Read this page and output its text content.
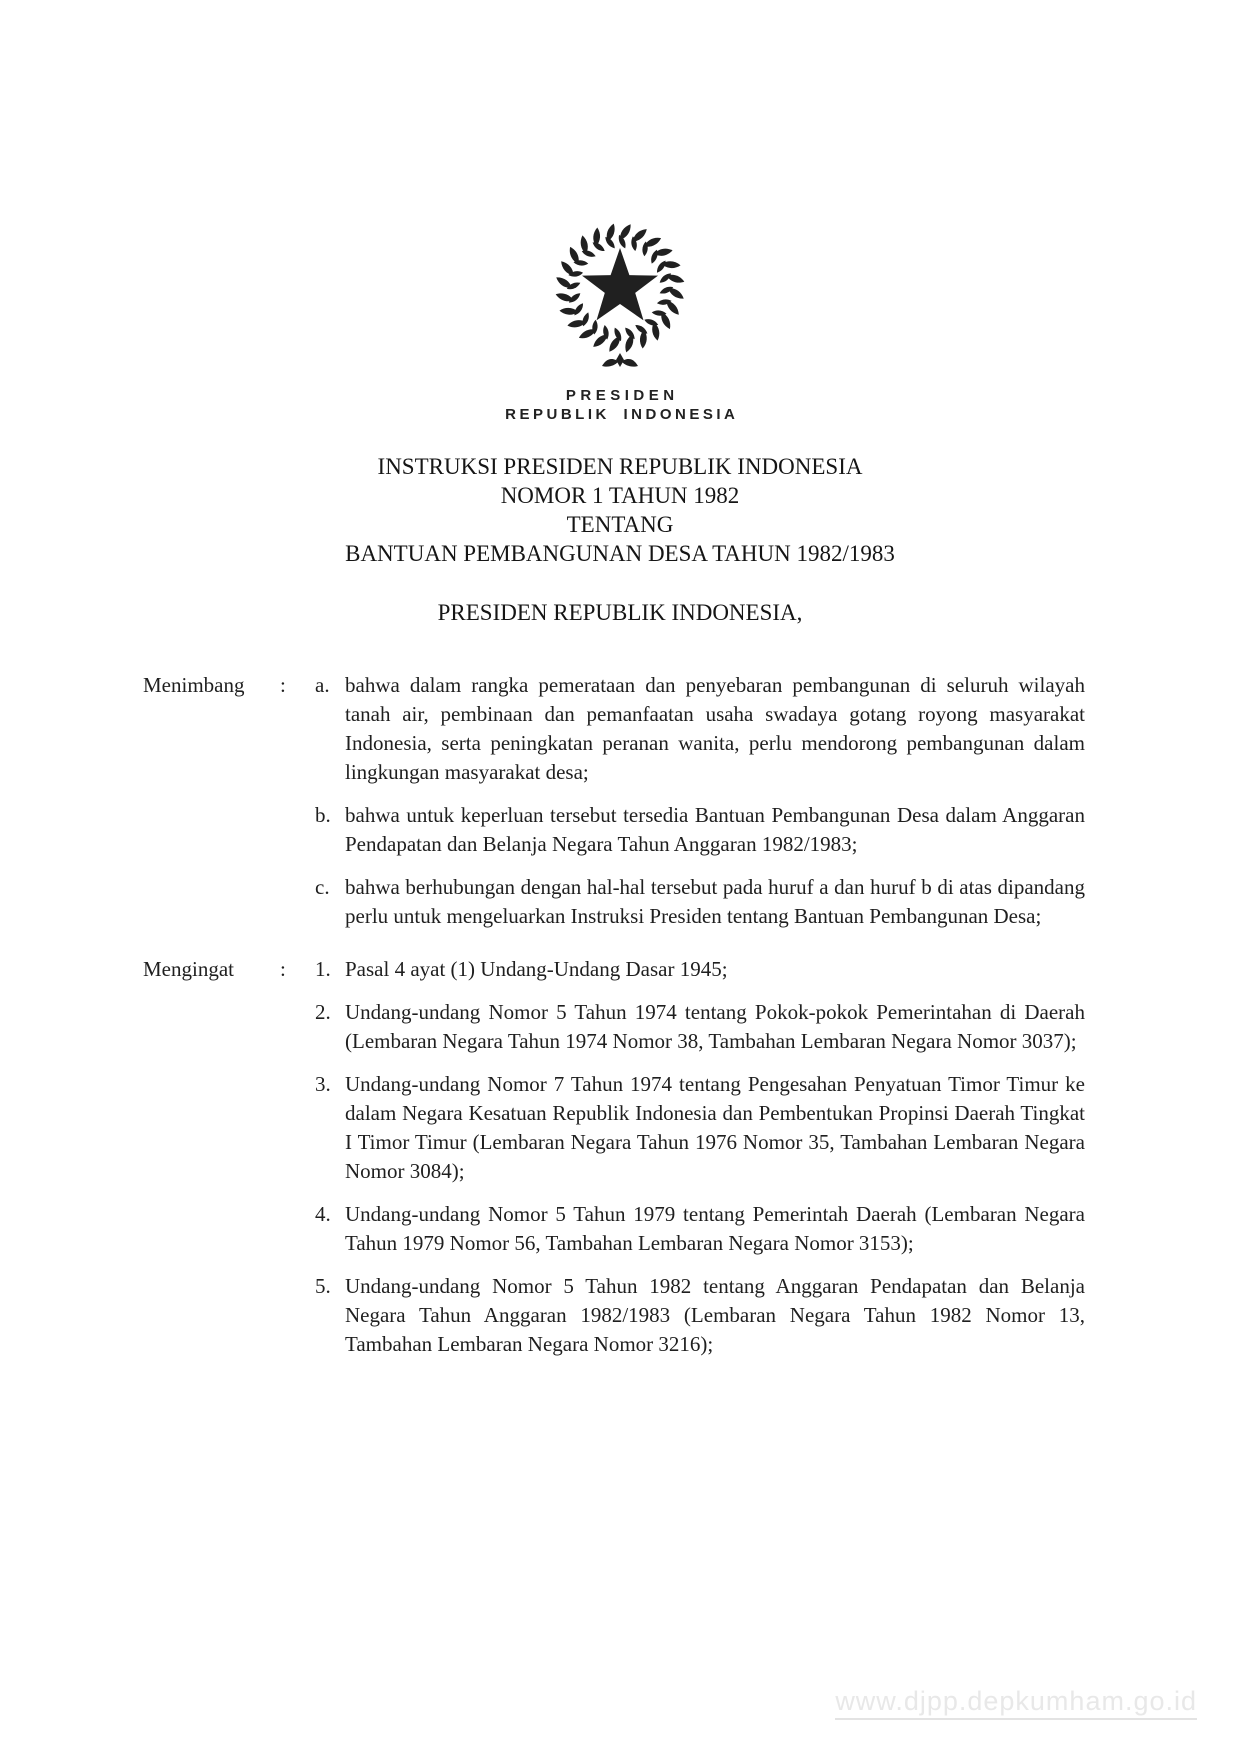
PRESIDEN
REPUBLIK INDONESIA
INSTRUKSI PRESIDEN REPUBLIK INDONESIA
NOMOR 1 TAHUN 1982
TENTANG
BANTUAN PEMBANGUNAN DESA TAHUN 1982/1983
PRESIDEN REPUBLIK INDONESIA,
Menimbang : a. bahwa dalam rangka pemerataan dan penyebaran pembangunan di seluruh wilayah tanah air, pembinaan dan pemanfaatan usaha swadaya gotang royong masyarakat Indonesia, serta peningkatan peranan wanita, perlu mendorong pembangunan dalam lingkungan masyarakat desa;
b. bahwa untuk keperluan tersebut tersedia Bantuan Pembangunan Desa dalam Anggaran Pendapatan dan Belanja Negara Tahun Anggaran 1982/1983;
c. bahwa berhubungan dengan hal-hal tersebut pada huruf a dan huruf b di atas dipandang perlu untuk mengeluarkan Instruksi Presiden tentang Bantuan Pembangunan Desa;
Mengingat : 1. Pasal 4 ayat (1) Undang-Undang Dasar 1945;
2. Undang-undang Nomor 5 Tahun 1974 tentang Pokok-pokok Pemerintahan di Daerah (Lembaran Negara Tahun 1974 Nomor 38, Tambahan Lembaran Negara Nomor 3037);
3. Undang-undang Nomor 7 Tahun 1974 tentang Pengesahan Penyatuan Timor Timur ke dalam Negara Kesatuan Republik Indonesia dan Pembentukan Propinsi Daerah Tingkat I Timor Timur (Lembaran Negara Tahun 1976 Nomor 35, Tambahan Lembaran Negara Nomor 3084);
4. Undang-undang Nomor 5 Tahun 1979 tentang Pemerintah Daerah (Lembaran Negara Tahun 1979 Nomor 56, Tambahan Lembaran Negara Nomor 3153);
5. Undang-undang Nomor 5 Tahun 1982 tentang Anggaran Pendapatan dan Belanja Negara Tahun Anggaran 1982/1983 (Lembaran Negara Tahun 1982 Nomor 13, Tambahan Lembaran Negara Nomor 3216);
www.djpp.depkumham.go.id
